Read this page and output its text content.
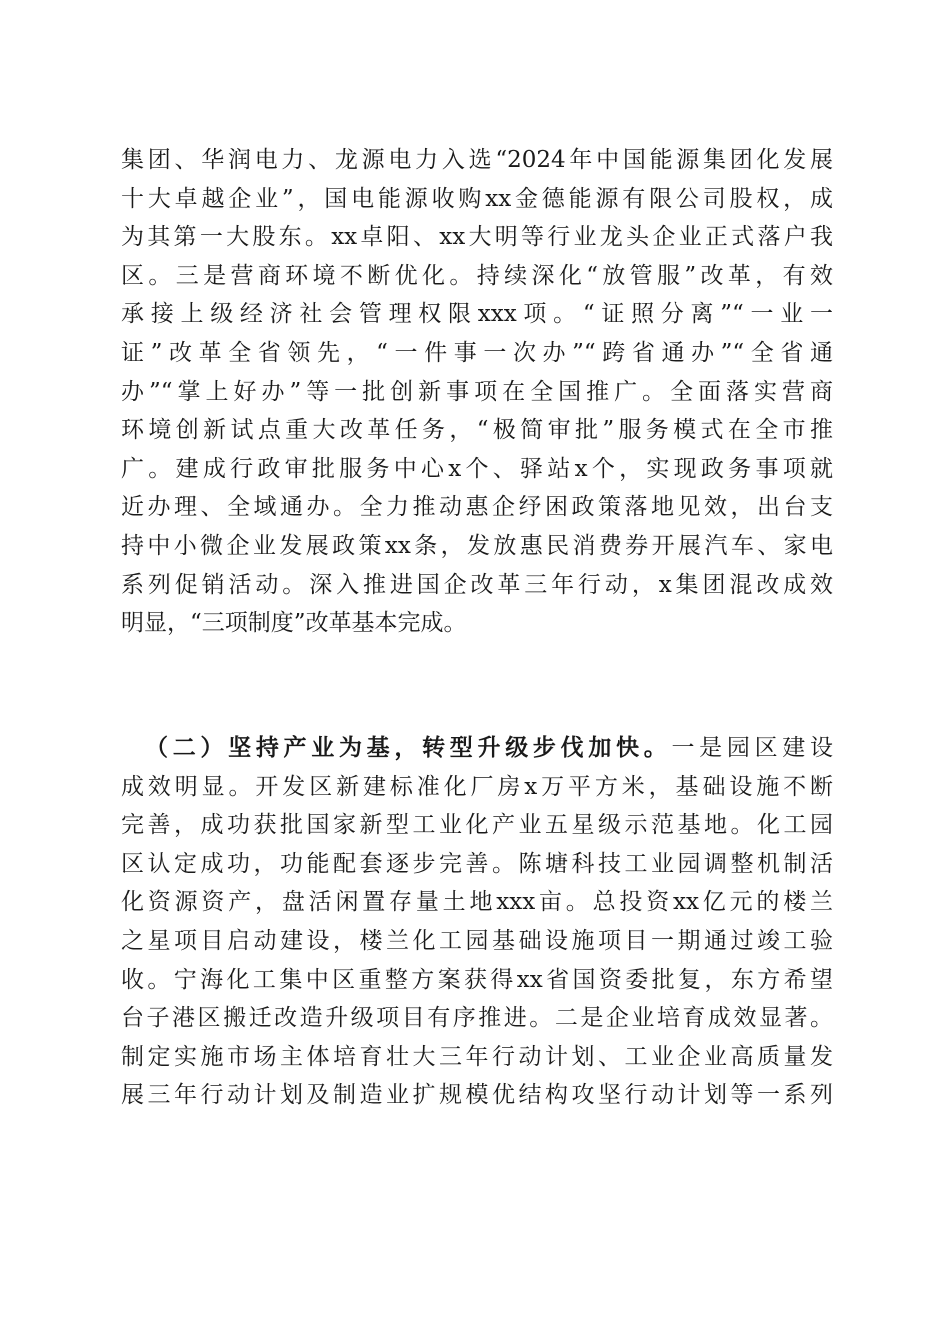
集团、华润电力、龙源电力入选“2024年中国能源集团化发展
十大卓越企业”，国电能源收购xx金德能源有限公司股权，成
为其第一大股东。xx卓阳、xx大明等行业龙头企业正式落户我
区。三是营商环境不断优化。持续深化“放管服”改革，有效
承接上级经济社会管理权限xxx项。“证照分离”“一业一
证”改革全省领先，“一件事一次办”“跨省通办”“全省通
办”“掌上好办”等一批创新事项在全国推广。全面落实营商
环境创新试点重大改革任务，“极简审批”服务模式在全市推
广。建成行政审批服务中心x个、驿站x个，实现政务事项就
近办理、全域通办。全力推动惠企纾困政策落地见效，出台支
持中小微企业发展政策xx条，发放惠民消费券开展汽车、家电
系列促销活动。深入推进国企改革三年行动，x集团混改成效
明显，“三项制度”改革基本完成。
（二）坚持产业为基，转型升级步伐加快。一是园区建设
成效明显。开发区新建标准化厂房x万平方米，基础设施不断
完善，成功获批国家新型工业化产业五星级示范基地。化工园
区认定成功，功能配套逐步完善。陈塘科技工业园调整机制活
化资源资产，盘活闲置存量土地xxx亩。总投资xx亿元的楼兰
之星项目启动建设，楼兰化工园基础设施项目一期通过竣工验
收。宁海化工集中区重整方案获得xx省国资委批复，东方希望
台子港区搬迁改造升级项目有序推进。二是企业培育成效显著。
制定实施市场主体培育壮大三年行动计划、工业企业高质量发
展三年行动计划及制造业扩规模优结构攻坚行动计划等一系列
